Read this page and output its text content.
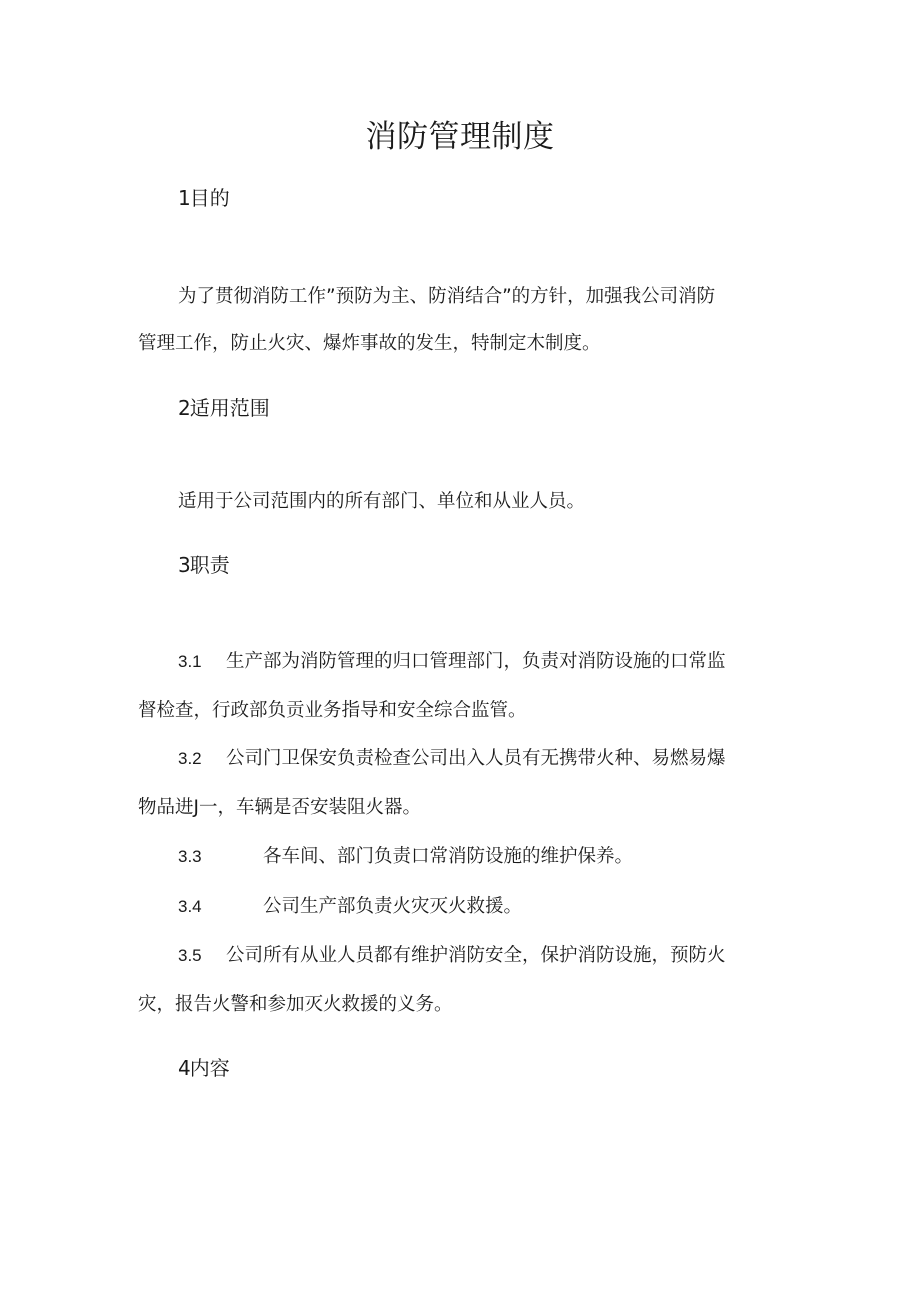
消防管理制度
1目的

为了贯彻消防工作”预防为主、防消结合”的方针，加强我公司消防

管理工作，防止火灾、爆炸事故的发生，特制定木制度。

2适用范围

适用于公司范围内的所有部门、单位和从业人员。

3职责

3.1 生产部为消防管理的归口管理部门，负责对消防设施的口常监

督检查，行政部负贡业务指导和安全综合监管。

3.2 公司门卫保安负责检查公司出入人员有无携带火种、易燃易爆

物品进J一，车辆是否安装阻火器。

3.3	各车间、部门负责口常消防设施的维护保养。

3.4	公司生产部负责火灾灭火救援。

3.5 公司所有从业人员都有维护消防安全，保护消防设施，预防火

灾，报告火警和参加灭火救援的义务。

4内容
